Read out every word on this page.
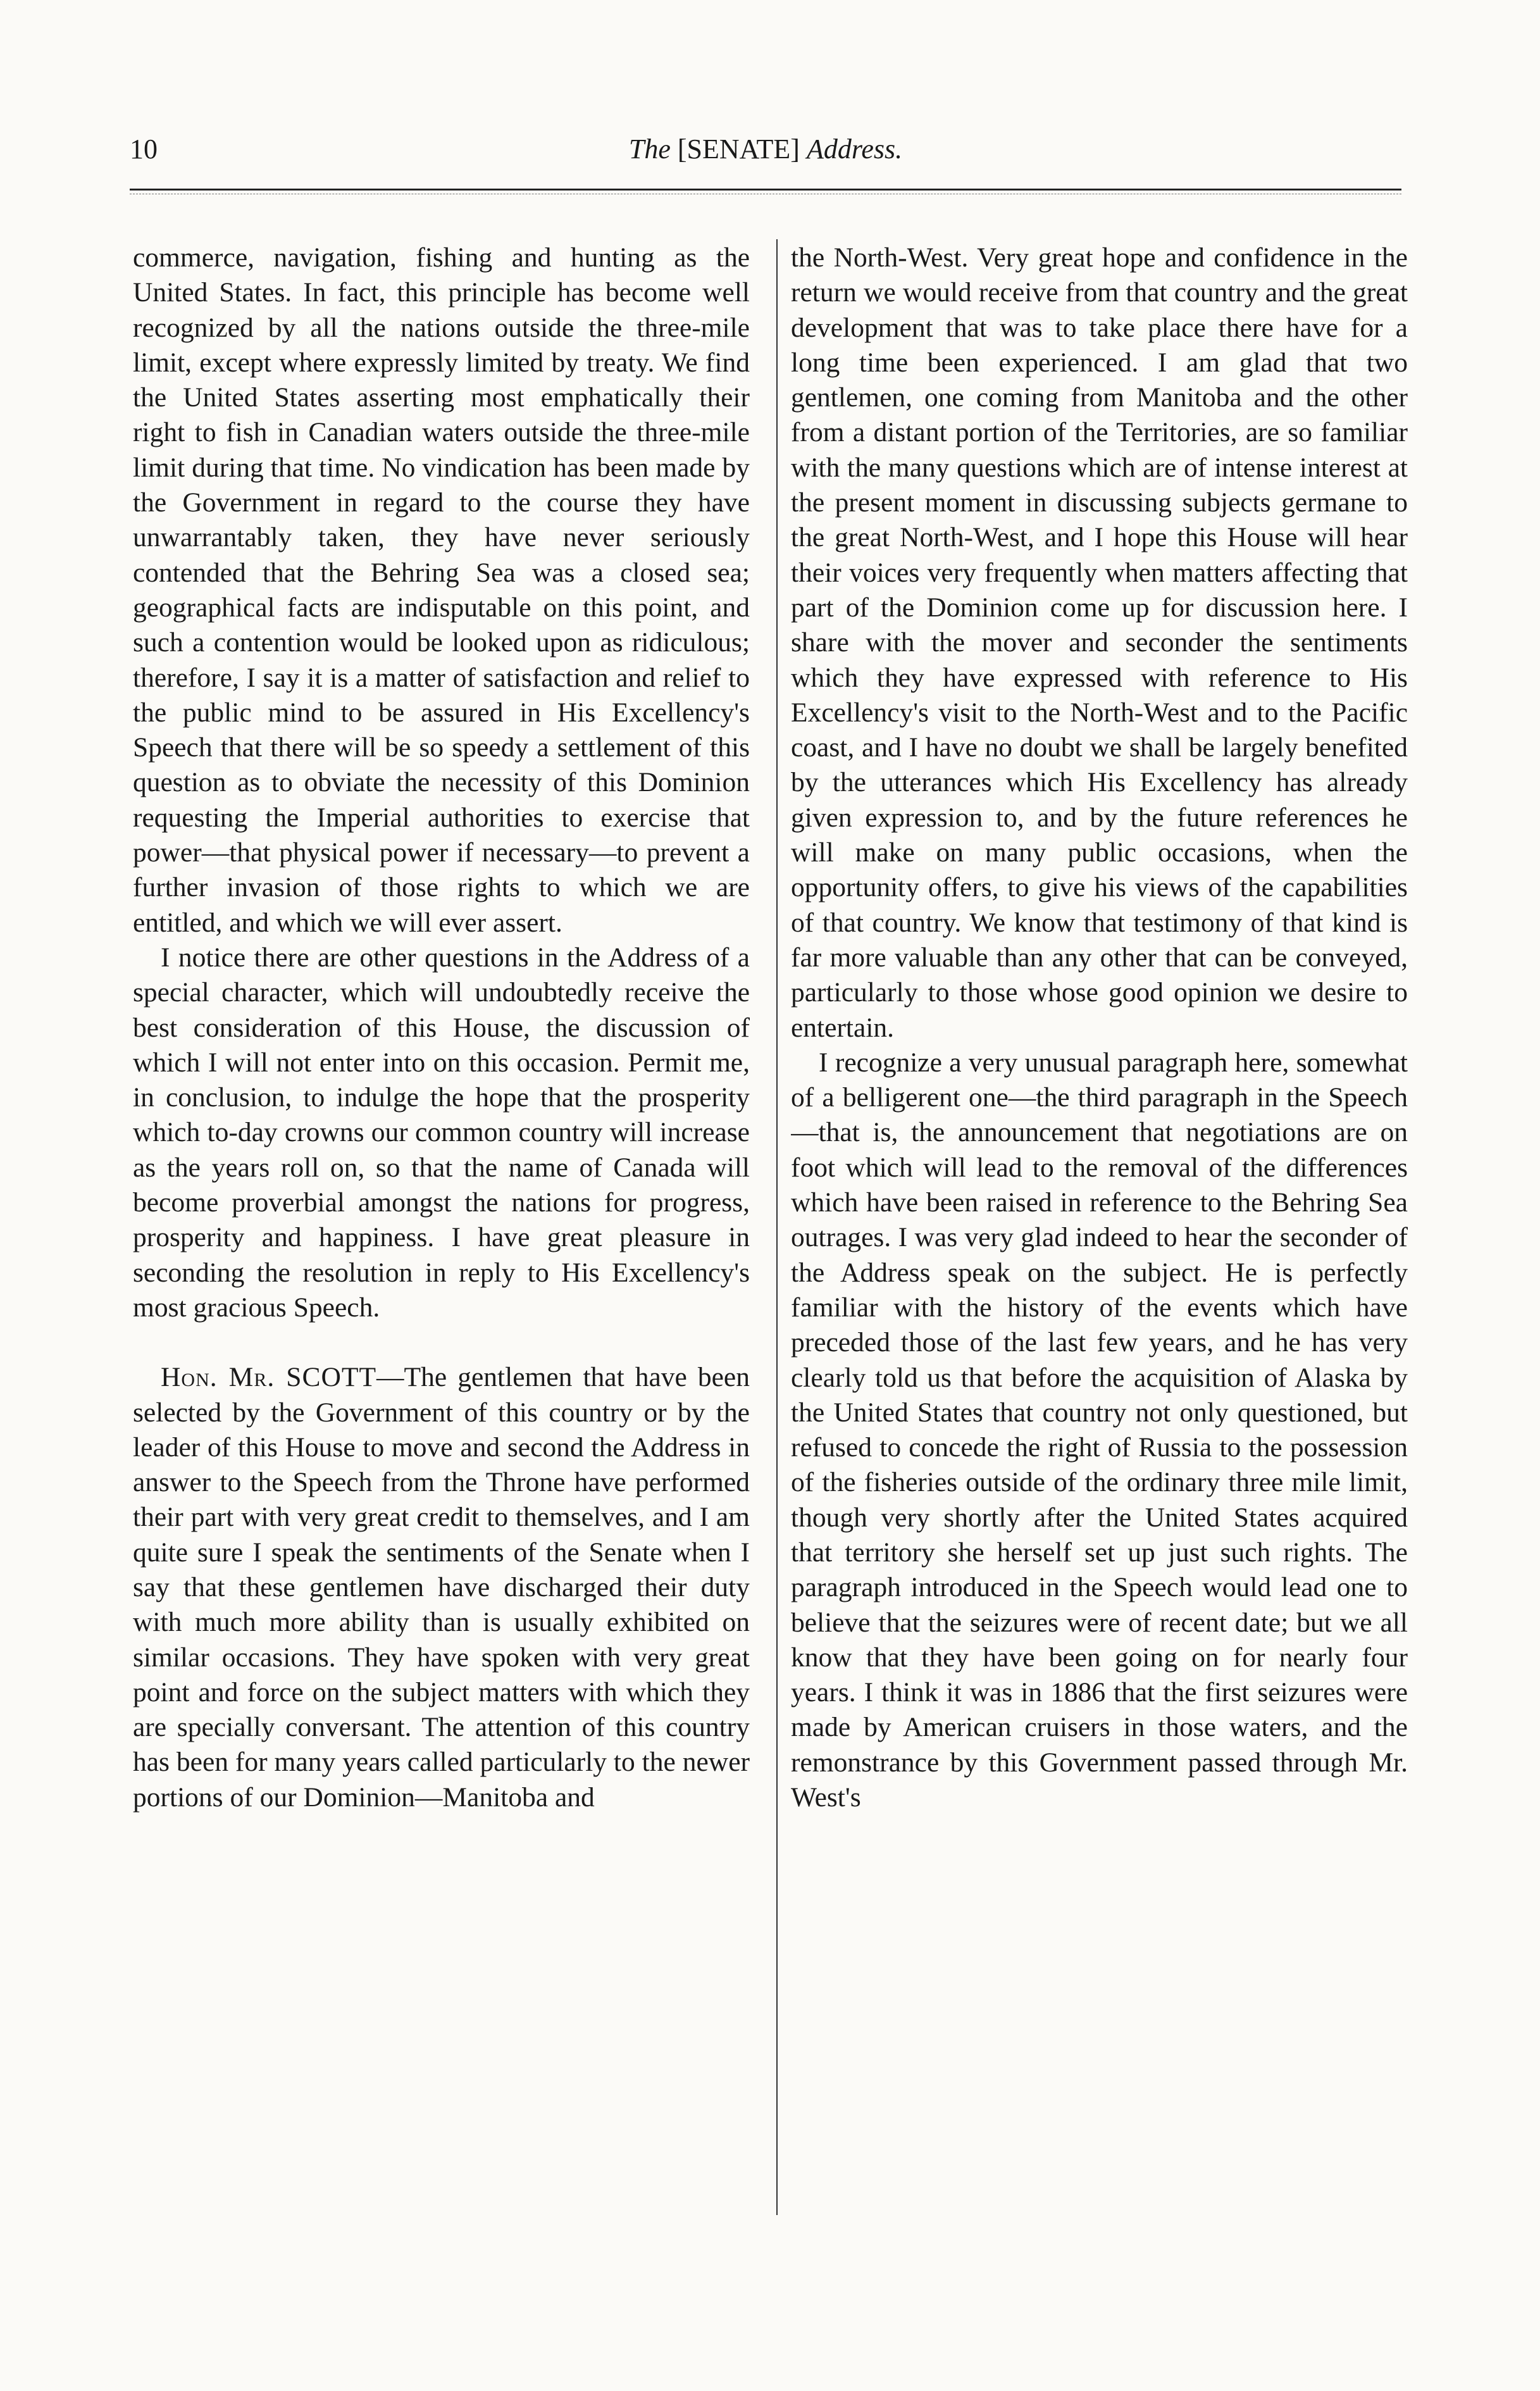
10	The [SENATE] Address.

commerce, navigation, fishing and hunting as the United States. In fact, this principle has become well recognized by all the nations outside the three-mile limit, except where expressly limited by treaty. We find the United States asserting most emphatically their right to fish in Canadian waters outside the three-mile limit during that time. No vindication has been made by the Government in regard to the course they have unwarrantably taken, they have never seriously contended that the Behring Sea was a closed sea; geographical facts are indisputable on this point, and such a contention would be looked upon as ridiculous; therefore, I say it is a matter of satisfaction and relief to the public mind to be assured in His Excellency's Speech that there will be so speedy a settlement of this question as to obviate the necessity of this Dominion requesting the Imperial authorities to exercise that power—that physical power if necessary—to prevent a further invasion of those rights to which we are entitled, and which we will ever assert.

I notice there are other questions in the Address of a special character, which will undoubtedly receive the best consideration of this House, the discussion of which I will not enter into on this occasion. Permit me, in conclusion, to indulge the hope that the prosperity which to-day crowns our common country will increase as the years roll on, so that the name of Canada will become proverbial amongst the nations for progress, prosperity and happiness. I have great pleasure in seconding the resolution in reply to His Excellency's most gracious Speech.

Hon. Mr. SCOTT—The gentlemen that have been selected by the Government of this country or by the leader of this House to move and second the Address in answer to the Speech from the Throne have performed their part with very great credit to themselves, and I am quite sure I speak the sentiments of the Senate when I say that these gentlemen have discharged their duty with much more ability than is usually exhibited on similar occasions. They have spoken with very great point and force on the subject matters with which they are specially conversant. The attention of this country has been for many years called particularly to the newer portions of our Dominion—Manitoba and

the North-West. Very great hope and confidence in the return we would receive from that country and the great development that was to take place there have for a long time been experienced. I am glad that two gentlemen, one coming from Manitoba and the other from a distant portion of the Territories, are so familiar with the many questions which are of intense interest at the present moment in discussing subjects germane to the great North-West, and I hope this House will hear their voices very frequently when matters affecting that part of the Dominion come up for discussion here. I share with the mover and seconder the sentiments which they have expressed with reference to His Excellency's visit to the North-West and to the Pacific coast, and I have no doubt we shall be largely benefited by the utterances which His Excellency has already given expression to, and by the future references he will make on many public occasions, when the opportunity offers, to give his views of the capabilities of that country. We know that testimony of that kind is far more valuable than any other that can be conveyed, particularly to those whose good opinion we desire to entertain.

I recognize a very unusual paragraph here, somewhat of a belligerent one—the third paragraph in the Speech—that is, the announcement that negotiations are on foot which will lead to the removal of the differences which have been raised in reference to the Behring Sea outrages. I was very glad indeed to hear the seconder of the Address speak on the subject. He is perfectly familiar with the history of the events which have preceded those of the last few years, and he has very clearly told us that before the acquisition of Alaska by the United States that country not only questioned, but refused to concede the right of Russia to the possession of the fisheries outside of the ordinary three mile limit, though very shortly after the United States acquired that territory she herself set up just such rights. The paragraph introduced in the Speech would lead one to believe that the seizures were of recent date; but we all know that they have been going on for nearly four years. I think it was in 1886 that the first seizures were made by American cruisers in those waters, and the remonstrance by this Government passed through Mr. West's
